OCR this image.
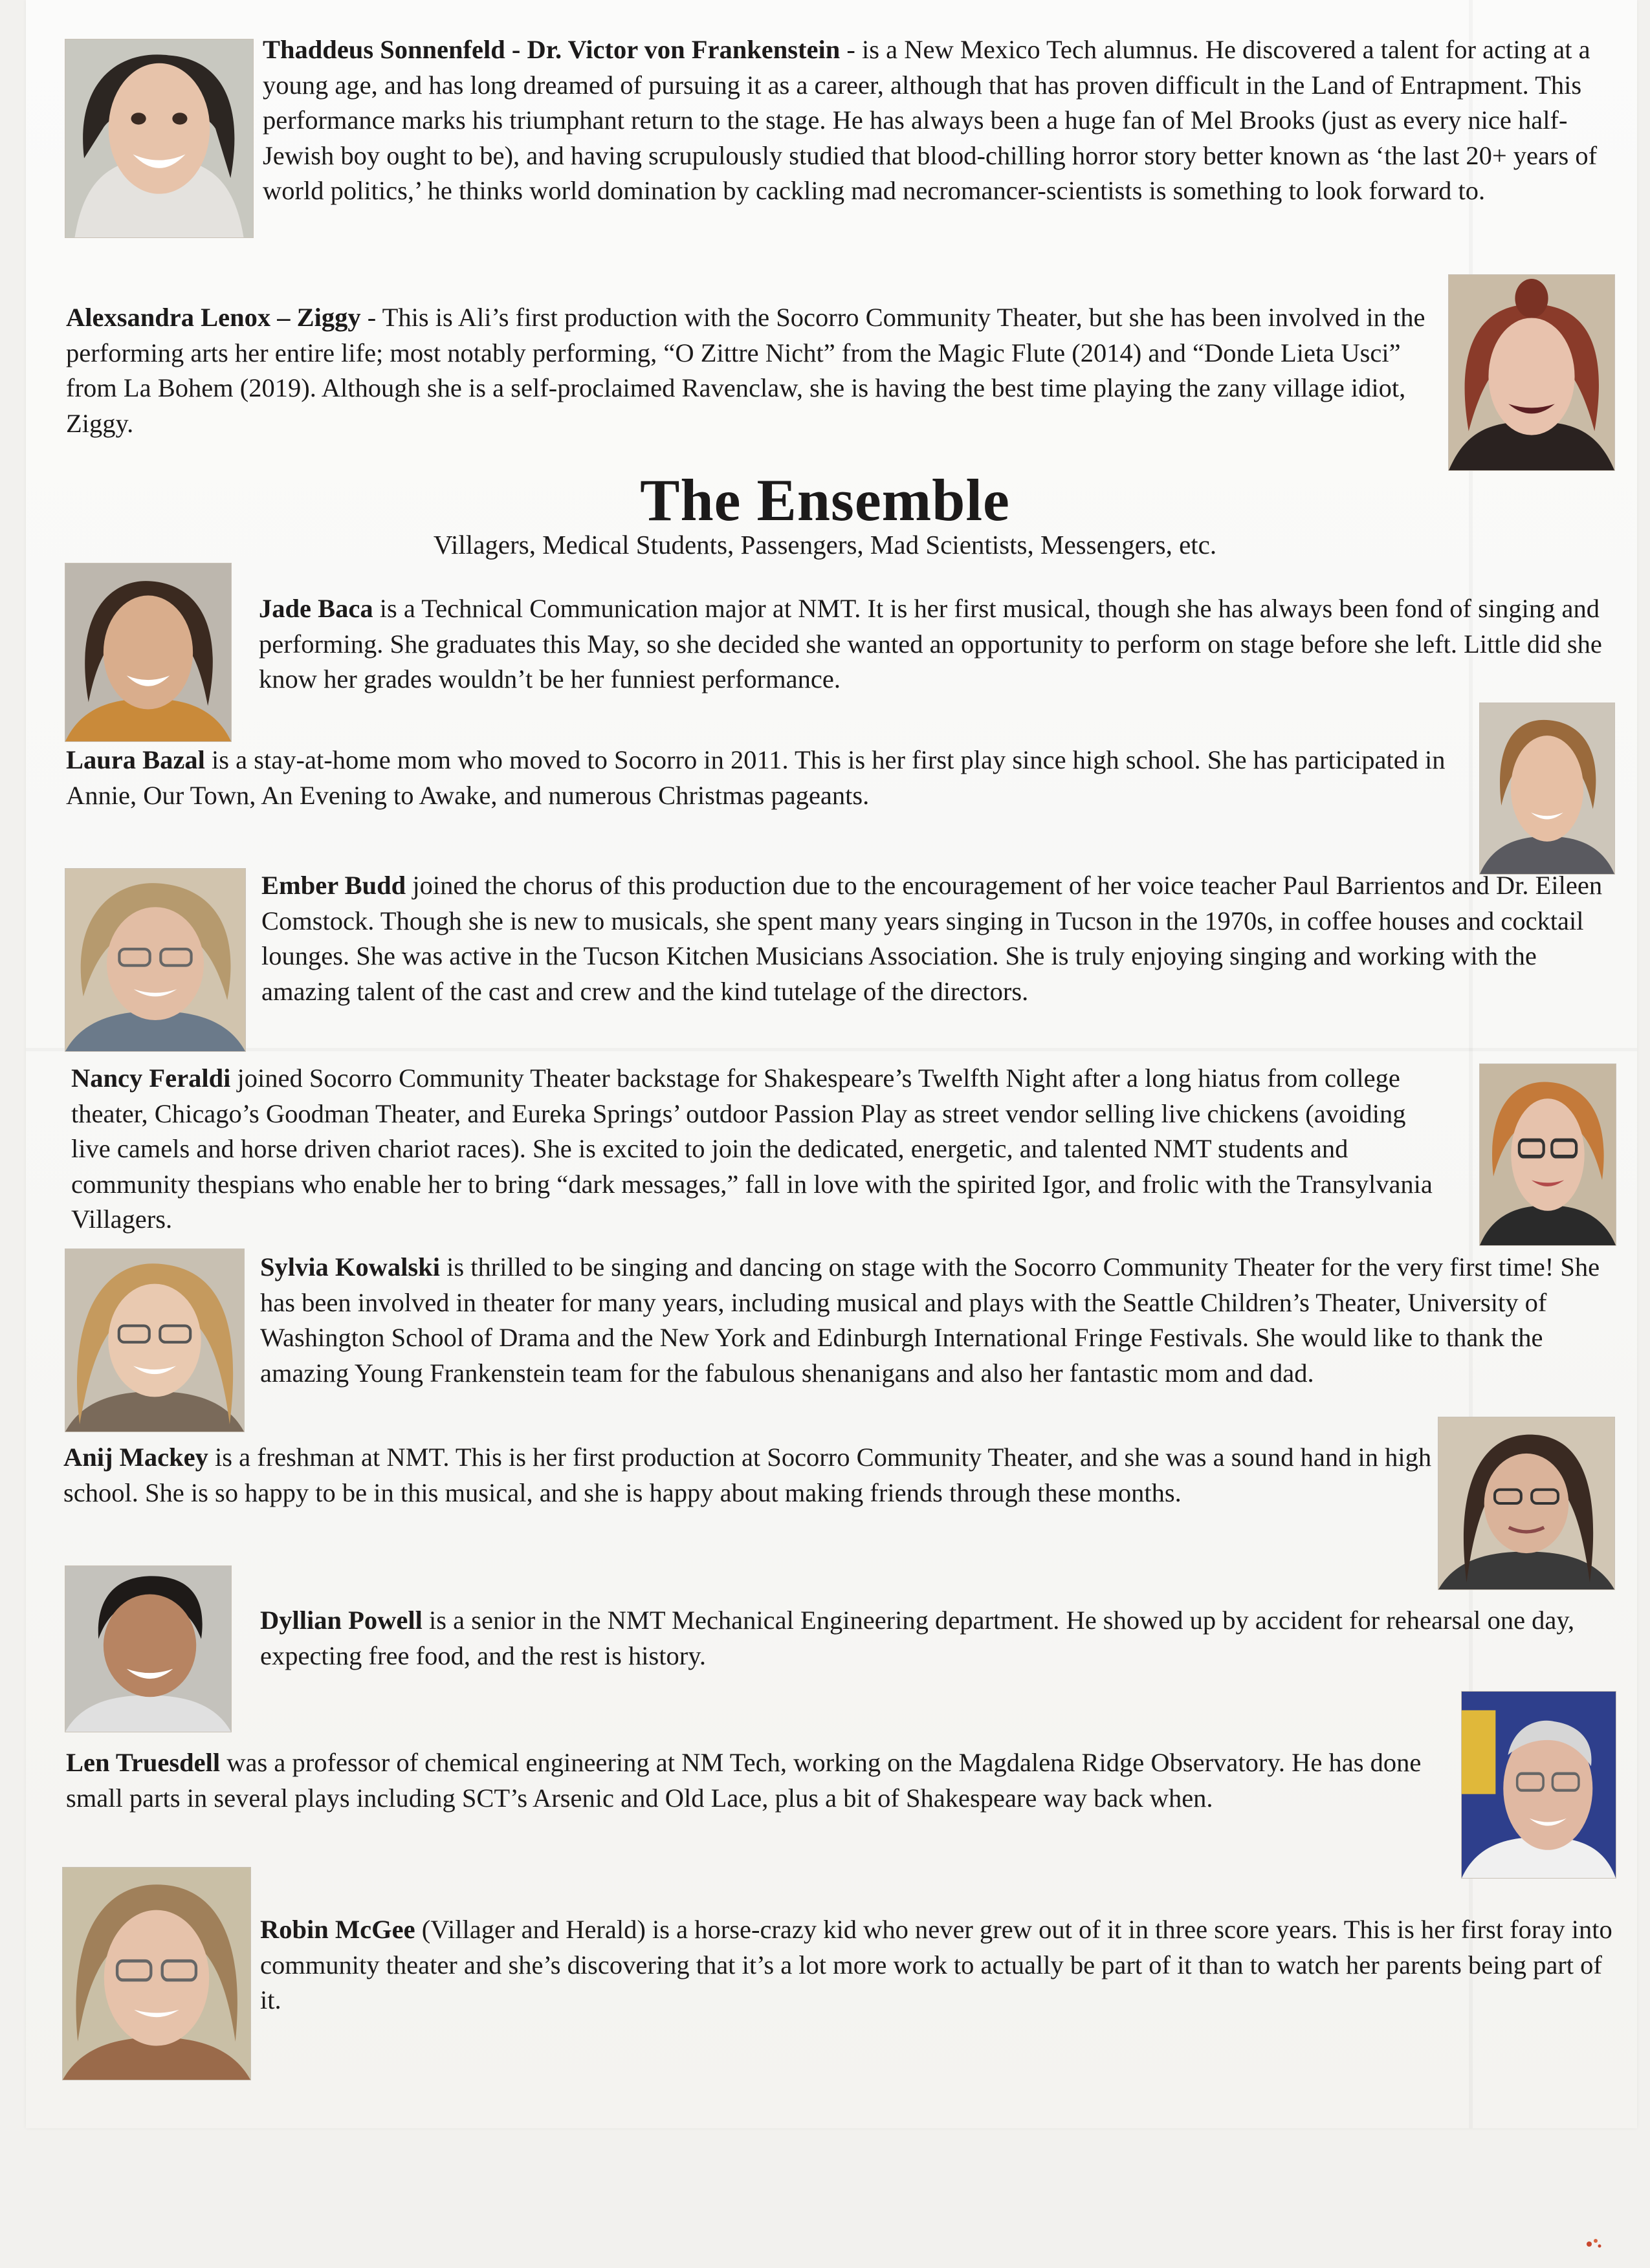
Thaddeus Sonnenfeld - Dr. Victor von Frankenstein - is a New Mexico Tech alumnus. He discovered a talent for acting at a young age, and has long dreamed of pursuing it as a career, although that has proven difficult in the Land of Entrapment. This performance marks his triumphant return to the stage. He has always been a huge fan of Mel Brooks (just as every nice half-Jewish boy ought to be), and having scrupulously studied that blood-chilling horror story better known as ‘the last 20+ years of world politics,’ he thinks world domination by cackling mad necromancer-scientists is something to look forward to.

Alexsandra Lenox – Ziggy - This is Ali’s first production with the Socorro Community Theater, but she has been involved in the performing arts her entire life; most notably performing, “O Zittre Nicht” from the Magic Flute (2014) and “Donde Lieta Usci” from La Bohem (2019). Although she is a self-proclaimed Ravenclaw, she is having the best time playing the zany village idiot, Ziggy.

The Ensemble

Villagers, Medical Students, Passengers, Mad Scientists, Messengers, etc.

Jade Baca is a Technical Communication major at NMT. It is her first musical, though she has always been fond of singing and performing. She graduates this May, so she decided she wanted an opportunity to perform on stage before she left. Little did she know her grades wouldn’t be her funniest performance.

Laura Bazal is a stay-at-home mom who moved to Socorro in 2011. This is her first play since high school. She has participated in Annie, Our Town, An Evening to Awake, and numerous Christmas pageants.

Ember Budd joined the chorus of this production due to the encouragement of her voice teacher Paul Barrientos and Dr. Eileen Comstock. Though she is new to musicals, she spent many years singing in Tucson in the 1970s, in coffee houses and cocktail lounges. She was active in the Tucson Kitchen Musicians Association. She is truly enjoying singing and working with the amazing talent of the cast and crew and the kind tutelage of the directors.

Nancy Feraldi joined Socorro Community Theater backstage for Shakespeare’s Twelfth Night after a long hiatus from college theater, Chicago’s Goodman Theater, and Eureka Springs’ outdoor Passion Play as street vendor selling live chickens (avoiding live camels and horse driven chariot races). She is excited to join the dedicated, energetic, and talented NMT students and community thespians who enable her to bring “dark messages,” fall in love with the spirited Igor, and frolic with the Transylvania Villagers.

Sylvia Kowalski is thrilled to be singing and dancing on stage with the Socorro Community Theater for the very first time! She has been involved in theater for many years, including musical and plays with the Seattle Children’s Theater, University of Washington School of Drama and the New York and Edinburgh International Fringe Festivals. She would like to thank the amazing Young Frankenstein team for the fabulous shenanigans and also her fantastic mom and dad.

Anij Mackey is a freshman at NMT. This is her first production at Socorro Community Theater, and she was a sound hand in high school. She is so happy to be in this musical, and she is happy about making friends through these months.

Dyllian Powell is a senior in the NMT Mechanical Engineering department. He showed up by accident for rehearsal one day, expecting free food, and the rest is history.

Len Truesdell was a professor of chemical engineering at NM Tech, working on the Magdalena Ridge Observatory. He has done small parts in several plays including SCT’s Arsenic and Old Lace, plus a bit of Shakespeare way back when.

Robin McGee (Villager and Herald) is a horse-crazy kid who never grew out of it in three score years. This is her first foray into community theater and she’s discovering that it’s a lot more work to actually be part of it than to watch her parents being part of it.
